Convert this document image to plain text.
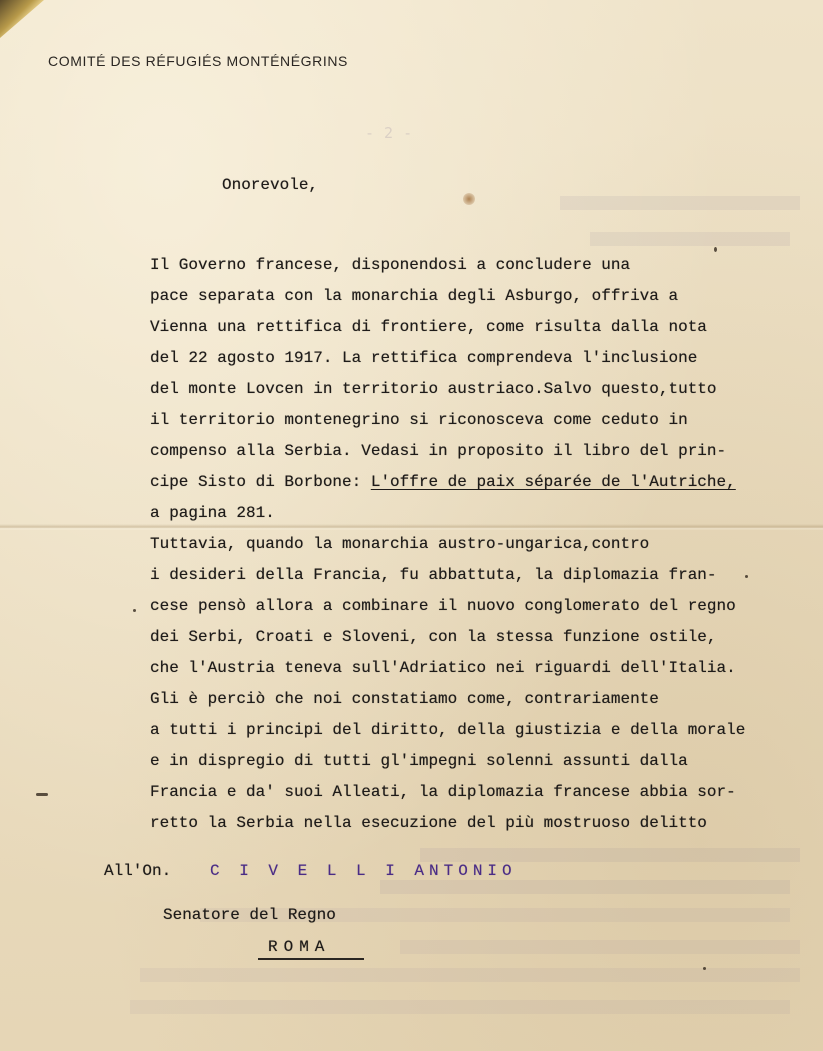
- 2 -
COMITÉ DES RÉFUGIÉS MONTÉNÉGRINS
Onorevole,
Il Governo francese, disponendosi a concludere una
pace separata con la monarchia degli Asburgo, offriva a
Vienna una rettifica di frontiere, come risulta dalla nota
del 22 agosto 1917. La rettifica comprendeva l'inclusione
del monte Lovcen in territorio austriaco.Salvo questo,tutto
il territorio montenegrino si riconosceva come ceduto in
compenso alla Serbia. Vedasi in proposito il libro del prin-
cipe Sisto di Borbone: L'offre de paix séparée de l'Autriche,
a pagina 281.
Tuttavia, quando la monarchia austro-ungarica,contro
i desideri della Francia, fu abbattuta, la diplomazia fran-
cese pensò allora a combinare il nuovo conglomerato del regno
dei Serbi, Croati e Sloveni, con la stessa funzione ostile,
che l'Austria teneva sull'Adriatico nei riguardi dell'Italia.
Gli è perciò che noi constatiamo come, contrariamente
a tutti i principi del diritto, della giustizia e della morale
e in dispregio di tutti gl'impegni solenni assunti dalla
Francia e da' suoi Alleati, la diplomazia francese abbia sor-
retto la Serbia nella esecuzione del più mostruoso delitto
All'On. C I V E L L I ANTONIO
Senatore del Regno
ROMA
